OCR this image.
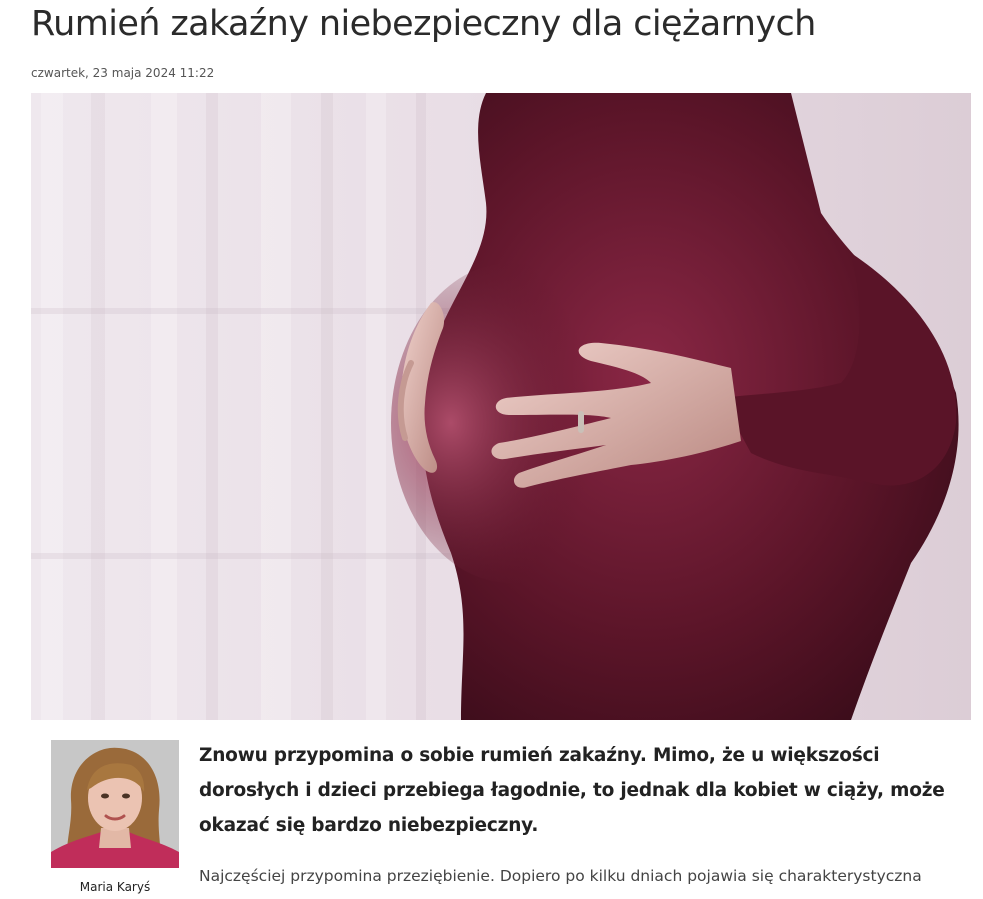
Rumień zakaźny niebezpieczny dla ciężarnych
czwartek, 23 maja 2024 11:22
Maria Karyś

Znowu przypomina o sobie rumień zakaźny. Mimo, że u większości dorosłych i dzieci przebiega łagodnie, to jednak dla kobiet w ciąży, może okazać się bardzo niebezpieczny.

Najczęściej przypomina przeziębienie. Dopiero po kilku dniach pojawia się charakterystyczna
